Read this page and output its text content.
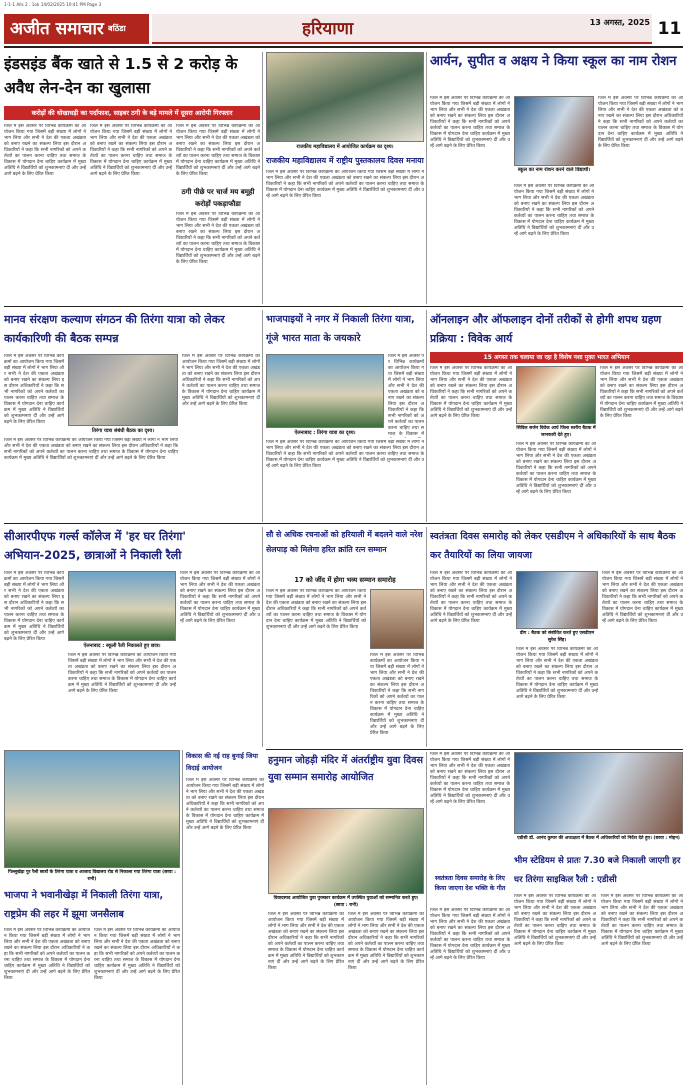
1-1-1 Alls 2 . 1ok 14/02/2025 10:41 PM Page 3
अजीत समाचार बठिंडा	हरियाणा	13 अगस्त, 2025 11
इंडसइंड बैंक खाते से 1.5 से 2 करोड़ के अवैध लेन-देन का खुलासा
करोड़ों की धोखाधड़ी का पर्दाफाश, साइबर ठगी के बड़े मामले में दूसरा आरोपी गिरफ्तार
जिले में इस अवसर पर विभिन्न कार्यक्रमों का आयोजन किया गया जिसमें बड़ी संख्या में लोगों ने भाग लिया और सभी ने देश की एकता अखंडता को बनाए रखने का संकल्प लिया इस दौरान अधिकारियों ने कहा कि सभी नागरिकों को अपने कर्तव्यों का पालन करना चाहिए तथा समाज के विकास में योगदान देना चाहिए कार्यक्रम में मुख्य अतिथि ने विद्यार्थियों को शुभकामनाएं दीं और उन्हें आगे बढ़ने के लिए प्रेरित किया
जिले में इस अवसर पर विभिन्न कार्यक्रमों का आयोजन किया गया जिसमें बड़ी संख्या में लोगों ने भाग लिया और सभी ने देश की एकता अखंडता को बनाए रखने का संकल्प लिया इस दौरान अधिकारियों ने कहा कि सभी नागरिकों को अपने कर्तव्यों का पालन करना चाहिए तथा समाज के विकास में योगदान देना चाहिए कार्यक्रम में मुख्य अतिथि ने विद्यार्थियों को शुभकामनाएं दीं और उन्हें आगे बढ़ने के लिए प्रेरित किया
जिले में इस अवसर पर विभिन्न कार्यक्रमों का आयोजन किया गया जिसमें बड़ी संख्या में लोगों ने भाग लिया और सभी ने देश की एकता अखंडता को बनाए रखने का संकल्प लिया इस दौरान अधिकारियों ने कहा कि सभी नागरिकों को अपने कर्तव्यों का पालन करना चाहिए तथा समाज के विकास में योगदान देना चाहिए कार्यक्रम में मुख्य अतिथि ने विद्यार्थियों को शुभकामनाएं दीं और उन्हें आगे बढ़ने के लिए प्रेरित किया
ठगी पीछे पर चार्ज मय बमूही करोड़ों पकड़ाफौडा
जिले में इस अवसर पर विभिन्न कार्यक्रमों का आयोजन किया गया जिसमें बड़ी संख्या में लोगों ने भाग लिया और सभी ने देश की एकता अखंडता को बनाए रखने का संकल्प लिया इस दौरान अधिकारियों ने कहा कि सभी नागरिकों को अपने कर्तव्यों का पालन करना चाहिए तथा समाज के विकास में योगदान देना चाहिए कार्यक्रम में मुख्य अतिथि ने विद्यार्थियों को शुभकामनाएं दीं और उन्हें आगे बढ़ने के लिए प्रेरित किया
राजकीय महाविद्यालय में आयोजित कार्यक्रम का दृश्य।
राजकीय महाविद्यालय में राष्ट्रीय पुस्तकालय दिवस मनाया
जिले में इस अवसर पर विभिन्न कार्यक्रमों का आयोजन किया गया जिसमें बड़ी संख्या में लोगों ने भाग लिया और सभी ने देश की एकता अखंडता को बनाए रखने का संकल्प लिया इस दौरान अधिकारियों ने कहा कि सभी नागरिकों को अपने कर्तव्यों का पालन करना चाहिए तथा समाज के विकास में योगदान देना चाहिए कार्यक्रम में मुख्य अतिथि ने विद्यार्थियों को शुभकामनाएं दीं और उन्हें आगे बढ़ने के लिए प्रेरित किया
आर्यन, सुपीत व अक्षय ने किया स्कूल का नाम रोशन
जिले में इस अवसर पर विभिन्न कार्यक्रमों का आयोजन किया गया जिसमें बड़ी संख्या में लोगों ने भाग लिया और सभी ने देश की एकता अखंडता को बनाए रखने का संकल्प लिया इस दौरान अधिकारियों ने कहा कि सभी नागरिकों को अपने कर्तव्यों का पालन करना चाहिए तथा समाज के विकास में योगदान देना चाहिए कार्यक्रम में मुख्य अतिथि ने विद्यार्थियों को शुभकामनाएं दीं और उन्हें आगे बढ़ने के लिए प्रेरित किया
स्कूल का नाम रोशन करने वाले विद्यार्थी।
जिले में इस अवसर पर विभिन्न कार्यक्रमों का आयोजन किया गया जिसमें बड़ी संख्या में लोगों ने भाग लिया और सभी ने देश की एकता अखंडता को बनाए रखने का संकल्प लिया इस दौरान अधिकारियों ने कहा कि सभी नागरिकों को अपने कर्तव्यों का पालन करना चाहिए तथा समाज के विकास में योगदान देना चाहिए कार्यक्रम में मुख्य अतिथि ने विद्यार्थियों को शुभकामनाएं दीं और उन्हें आगे बढ़ने के लिए प्रेरित किया
जिले में इस अवसर पर विभिन्न कार्यक्रमों का आयोजन किया गया जिसमें बड़ी संख्या में लोगों ने भाग लिया और सभी ने देश की एकता अखंडता को बनाए रखने का संकल्प लिया इस दौरान अधिकारियों ने कहा कि सभी नागरिकों को अपने कर्तव्यों का पालन करना चाहिए तथा समाज के विकास में योगदान देना चाहिए कार्यक्रम में मुख्य अतिथि ने विद्यार्थियों को शुभकामनाएं दीं और उन्हें आगे बढ़ने के लिए प्रेरित किया
मानव संरक्षण कल्याण संगठन की तिरंगा यात्रा को लेकर कार्यकारिणी की बैठक सम्पन्न
जिले में इस अवसर पर विभिन्न कार्यक्रमों का आयोजन किया गया जिसमें बड़ी संख्या में लोगों ने भाग लिया और सभी ने देश की एकता अखंडता को बनाए रखने का संकल्प लिया इस दौरान अधिकारियों ने कहा कि सभी नागरिकों को अपने कर्तव्यों का पालन करना चाहिए तथा समाज के विकास में योगदान देना चाहिए कार्यक्रम में मुख्य अतिथि ने विद्यार्थियों को शुभकामनाएं दीं और उन्हें आगे बढ़ने के लिए प्रेरित किया
तिरंगा यात्रा संबंधी बैठक का दृश्य।
जिले में इस अवसर पर विभिन्न कार्यक्रमों का आयोजन किया गया जिसमें बड़ी संख्या में लोगों ने भाग लिया और सभी ने देश की एकता अखंडता को बनाए रखने का संकल्प लिया इस दौरान अधिकारियों ने कहा कि सभी नागरिकों को अपने कर्तव्यों का पालन करना चाहिए तथा समाज के विकास में योगदान देना चाहिए कार्यक्रम में मुख्य अतिथि ने विद्यार्थियों को शुभकामनाएं दीं और उन्हें आगे बढ़ने के लिए प्रेरित किया
जिले में इस अवसर पर विभिन्न कार्यक्रमों का आयोजन किया गया जिसमें बड़ी संख्या में लोगों ने भाग लिया और सभी ने देश की एकता अखंडता को बनाए रखने का संकल्प लिया इस दौरान अधिकारियों ने कहा कि सभी नागरिकों को अपने कर्तव्यों का पालन करना चाहिए तथा समाज के विकास में योगदान देना चाहिए कार्यक्रम में मुख्य अतिथि ने विद्यार्थियों को शुभकामनाएं दीं और उन्हें आगे बढ़ने के लिए प्रेरित किया
भाजपाइयों ने नगर में निकाली तिरंगा यात्रा, गूंजे भारत माता के जयकारे
ऐलनाबाद : तिरंगा यात्रा का दृश्य।
जिले में इस अवसर पर विभिन्न कार्यक्रमों का आयोजन किया गया जिसमें बड़ी संख्या में लोगों ने भाग लिया और सभी ने देश की एकता अखंडता को बनाए रखने का संकल्प लिया इस दौरान अधिकारियों ने कहा कि सभी नागरिकों को अपने कर्तव्यों का पालन करना चाहिए तथा समाज के विकास में
जिले में इस अवसर पर विभिन्न कार्यक्रमों का आयोजन किया गया जिसमें बड़ी संख्या में लोगों ने भाग लिया और सभी ने देश की एकता अखंडता को बनाए रखने का संकल्प लिया इस दौरान अधिकारियों ने कहा कि सभी नागरिकों को अपने कर्तव्यों का पालन करना चाहिए तथा समाज के विकास में योगदान देना चाहिए कार्यक्रम में मुख्य अतिथि ने विद्यार्थियों को शुभकामनाएं दीं और उन्हें आगे बढ़ने के लिए प्रेरित किया
ऑनलाइन और ऑफलाइन दोनों तरीकों से होगी शपथ ग्रहण प्रक्रिया : विवेक आर्य
15 अगस्त तक चलाया जा रहा है विशेष नशा मुक्त भारत अभियान
जिले में इस अवसर पर विभिन्न कार्यक्रमों का आयोजन किया गया जिसमें बड़ी संख्या में लोगों ने भाग लिया और सभी ने देश की एकता अखंडता को बनाए रखने का संकल्प लिया इस दौरान अधिकारियों ने कहा कि सभी नागरिकों को अपने कर्तव्यों का पालन करना चाहिए तथा समाज के विकास में योगदान देना चाहिए कार्यक्रम में मुख्य अतिथि ने विद्यार्थियों को शुभकामनाएं दीं और उन्हें आगे बढ़ने के लिए प्रेरित किया
सिविल सर्जन विवेक आर्य जिला स्तरीय बैठक में जानकारी देते हुए।
जिले में इस अवसर पर विभिन्न कार्यक्रमों का आयोजन किया गया जिसमें बड़ी संख्या में लोगों ने भाग लिया और सभी ने देश की एकता अखंडता को बनाए रखने का संकल्प लिया इस दौरान अधिकारियों ने कहा कि सभी नागरिकों को अपने कर्तव्यों का पालन करना चाहिए तथा समाज के विकास में योगदान देना चाहिए कार्यक्रम में मुख्य अतिथि ने विद्यार्थियों को शुभकामनाएं दीं और उन्हें आगे बढ़ने के लिए प्रेरित किया
जिले में इस अवसर पर विभिन्न कार्यक्रमों का आयोजन किया गया जिसमें बड़ी संख्या में लोगों ने भाग लिया और सभी ने देश की एकता अखंडता को बनाए रखने का संकल्प लिया इस दौरान अधिकारियों ने कहा कि सभी नागरिकों को अपने कर्तव्यों का पालन करना चाहिए तथा समाज के विकास में योगदान देना चाहिए कार्यक्रम में मुख्य अतिथि ने विद्यार्थियों को शुभकामनाएं दीं और उन्हें आगे बढ़ने के लिए प्रेरित किया
सीआरपीएफ गर्ल्स कॉलेज में 'हर घर तिरंगा' अभियान-2025, छात्राओं ने निकाली रैली
जिले में इस अवसर पर विभिन्न कार्यक्रमों का आयोजन किया गया जिसमें बड़ी संख्या में लोगों ने भाग लिया और सभी ने देश की एकता अखंडता को बनाए रखने का संकल्प लिया इस दौरान अधिकारियों ने कहा कि सभी नागरिकों को अपने कर्तव्यों का पालन करना चाहिए तथा समाज के विकास में योगदान देना चाहिए कार्यक्रम में मुख्य अतिथि ने विद्यार्थियों को शुभकामनाएं दीं और उन्हें आगे बढ़ने के लिए प्रेरित किया
ऐलनाबाद : स्कूली रैली निकालते हुए छात्र।
जिले में इस अवसर पर विभिन्न कार्यक्रमों का आयोजन किया गया जिसमें बड़ी संख्या में लोगों ने भाग लिया और सभी ने देश की एकता अखंडता को बनाए रखने का संकल्प लिया इस दौरान अधिकारियों ने कहा कि सभी नागरिकों को अपने कर्तव्यों का पालन करना चाहिए तथा समाज के विकास में योगदान देना चाहिए कार्यक्रम में मुख्य अतिथि ने विद्यार्थियों को शुभकामनाएं दीं और उन्हें आगे बढ़ने के लिए प्रेरित किया
जिले में इस अवसर पर विभिन्न कार्यक्रमों का आयोजन किया गया जिसमें बड़ी संख्या में लोगों ने भाग लिया और सभी ने देश की एकता अखंडता को बनाए रखने का संकल्प लिया इस दौरान अधिकारियों ने कहा कि सभी नागरिकों को अपने कर्तव्यों का पालन करना चाहिए तथा समाज के विकास में योगदान देना चाहिए कार्यक्रम में मुख्य अतिथि ने विद्यार्थियों को शुभकामनाएं दीं और उन्हें आगे बढ़ने के लिए प्रेरित किया
सौ से अधिक रचनाओं को हरियाली में बदलने वाले नरेश सेलपाड़ को मिलेगा हरित क्रांति रत्न सम्मान
17 को जींद में होगा भव्य सम्मान समारोह
जिले में इस अवसर पर विभिन्न कार्यक्रमों का आयोजन किया गया जिसमें बड़ी संख्या में लोगों ने भाग लिया और सभी ने देश की एकता अखंडता को बनाए रखने का संकल्प लिया इस दौरान अधिकारियों ने कहा कि सभी नागरिकों को अपने कर्तव्यों का पालन करना चाहिए तथा समाज के विकास में योगदान देना चाहिए कार्यक्रम में मुख्य अतिथि ने विद्यार्थियों को शुभकामनाएं दीं और उन्हें आगे बढ़ने के लिए प्रेरित किया
जिले में इस अवसर पर विभिन्न कार्यक्रमों का आयोजन किया गया जिसमें बड़ी संख्या में लोगों ने भाग लिया और सभी ने देश की एकता अखंडता को बनाए रखने का संकल्प लिया इस दौरान अधिकारियों ने कहा कि सभी नागरिकों को अपने कर्तव्यों का पालन करना चाहिए तथा समाज के विकास में योगदान देना चाहिए कार्यक्रम में मुख्य अतिथि ने विद्यार्थियों को शुभकामनाएं दीं और उन्हें आगे बढ़ने के लिए प्रेरित किया
स्वतंत्रता दिवस समारोह को लेकर एसडीएम ने अधिकारियों के साथ बैठक कर तैयारियों का लिया जायजा
जिले में इस अवसर पर विभिन्न कार्यक्रमों का आयोजन किया गया जिसमें बड़ी संख्या में लोगों ने भाग लिया और सभी ने देश की एकता अखंडता को बनाए रखने का संकल्प लिया इस दौरान अधिकारियों ने कहा कि सभी नागरिकों को अपने कर्तव्यों का पालन करना चाहिए तथा समाज के विकास में योगदान देना चाहिए कार्यक्रम में मुख्य अतिथि ने विद्यार्थियों को शुभकामनाएं दीं और उन्हें आगे बढ़ने के लिए प्रेरित किया
डीग : बैठक को संबोधित करते हुए एसडीएम सुरेश सिंह।
जिले में इस अवसर पर विभिन्न कार्यक्रमों का आयोजन किया गया जिसमें बड़ी संख्या में लोगों ने भाग लिया और सभी ने देश की एकता अखंडता को बनाए रखने का संकल्प लिया इस दौरान अधिकारियों ने कहा कि सभी नागरिकों को अपने कर्तव्यों का पालन करना चाहिए तथा समाज के विकास में योगदान देना चाहिए कार्यक्रम में मुख्य अतिथि ने विद्यार्थियों को शुभकामनाएं दीं और उन्हें आगे बढ़ने के लिए प्रेरित किया
जिले में इस अवसर पर विभिन्न कार्यक्रमों का आयोजन किया गया जिसमें बड़ी संख्या में लोगों ने भाग लिया और सभी ने देश की एकता अखंडता को बनाए रखने का संकल्प लिया इस दौरान अधिकारियों ने कहा कि सभी नागरिकों को अपने कर्तव्यों का पालन करना चाहिए तथा समाज के विकास में योगदान देना चाहिए कार्यक्रम में मुख्य अतिथि ने विद्यार्थियों को शुभकामनाएं दीं और उन्हें आगे बढ़ने के लिए प्रेरित किया
पिल्लूखेड़ा पुर रैली छात्रों के तिरंगा यात्रा व आजाद विद्यालय रोड से निकाला गया तिरंगा यात्रा (छाया : रानी)
भाजपा ने भवानीखेड़ा में निकाली तिरंगा यात्रा, राष्ट्रप्रेम की लहर में झूमा जनसैलाब
जिले में इस अवसर पर विभिन्न कार्यक्रमों का आयोजन किया गया जिसमें बड़ी संख्या में लोगों ने भाग लिया और सभी ने देश की एकता अखंडता को बनाए रखने का संकल्प लिया इस दौरान अधिकारियों ने कहा कि सभी नागरिकों को अपने कर्तव्यों का पालन करना चाहिए तथा समाज के विकास में योगदान देना चाहिए कार्यक्रम में मुख्य अतिथि ने विद्यार्थियों को शुभकामनाएं दीं और उन्हें आगे बढ़ने के लिए प्रेरित किया
जिले में इस अवसर पर विभिन्न कार्यक्रमों का आयोजन किया गया जिसमें बड़ी संख्या में लोगों ने भाग लिया और सभी ने देश की एकता अखंडता को बनाए रखने का संकल्प लिया इस दौरान अधिकारियों ने कहा कि सभी नागरिकों को अपने कर्तव्यों का पालन करना चाहिए तथा समाज के विकास में योगदान देना चाहिए कार्यक्रम में मुख्य अतिथि ने विद्यार्थियों को शुभकामनाएं दीं और उन्हें आगे बढ़ने के लिए प्रेरित किया
विकास की नई राह बुनाई जिया विदाई आयोजन
जिले में इस अवसर पर विभिन्न कार्यक्रमों का आयोजन किया गया जिसमें बड़ी संख्या में लोगों ने भाग लिया और सभी ने देश की एकता अखंडता को बनाए रखने का संकल्प लिया इस दौरान अधिकारियों ने कहा कि सभी नागरिकों को अपने कर्तव्यों का पालन करना चाहिए तथा समाज के विकास में योगदान देना चाहिए कार्यक्रम में मुख्य अतिथि ने विद्यार्थियों को शुभकामनाएं दीं और उन्हें आगे बढ़ने के लिए प्रेरित किया
हनुमान जोहड़ी मंदिर में अंतर्राष्ट्रीय युवा दिवस युवा सम्मान समारोह आयोजित
विवादस्पद आयोजित युवा पुरस्कार कार्यक्रम में उपस्थित युवाओं को सम्मानित करते हुए। (छाया : रानी)
जिले में इस अवसर पर विभिन्न कार्यक्रमों का आयोजन किया गया जिसमें बड़ी संख्या में लोगों ने भाग लिया और सभी ने देश की एकता अखंडता को बनाए रखने का संकल्प लिया इस दौरान अधिकारियों ने कहा कि सभी नागरिकों को अपने कर्तव्यों का पालन करना चाहिए तथा समाज के विकास में योगदान देना चाहिए कार्यक्रम में मुख्य अतिथि ने विद्यार्थियों को शुभकामनाएं दीं और उन्हें आगे बढ़ने के लिए प्रेरित किया
जिले में इस अवसर पर विभिन्न कार्यक्रमों का आयोजन किया गया जिसमें बड़ी संख्या में लोगों ने भाग लिया और सभी ने देश की एकता अखंडता को बनाए रखने का संकल्प लिया इस दौरान अधिकारियों ने कहा कि सभी नागरिकों को अपने कर्तव्यों का पालन करना चाहिए तथा समाज के विकास में योगदान देना चाहिए कार्यक्रम में मुख्य अतिथि ने विद्यार्थियों को शुभकामनाएं दीं और उन्हें आगे बढ़ने के लिए प्रेरित किया
जिले में इस अवसर पर विभिन्न कार्यक्रमों का आयोजन किया गया जिसमें बड़ी संख्या में लोगों ने भाग लिया और सभी ने देश की एकता अखंडता को बनाए रखने का संकल्प लिया इस दौरान अधिकारियों ने कहा कि सभी नागरिकों को अपने कर्तव्यों का पालन करना चाहिए तथा समाज के विकास में योगदान देना चाहिए कार्यक्रम में मुख्य अतिथि ने विद्यार्थियों को शुभकामनाएं दीं और उन्हें आगे बढ़ने के लिए प्रेरित किया
स्वतंत्रता दिवस समारोह के लिए किया जाएगा देश भक्ति के गीत
जिले में इस अवसर पर विभिन्न कार्यक्रमों का आयोजन किया गया जिसमें बड़ी संख्या में लोगों ने भाग लिया और सभी ने देश की एकता अखंडता को बनाए रखने का संकल्प लिया इस दौरान अधिकारियों ने कहा कि सभी नागरिकों को अपने कर्तव्यों का पालन करना चाहिए तथा समाज के विकास में योगदान देना चाहिए कार्यक्रम में मुख्य अतिथि ने विद्यार्थियों को शुभकामनाएं दीं और उन्हें आगे बढ़ने के लिए प्रेरित किया
एडीसी डॉ. आनंद कुमार की अध्यक्षता में बैठक में अधिकारियों को निर्देश देते हुए। (छाया : मोहन)
भीम स्टेडियम से प्रातः 7.30 बजे निकाली जाएगी हर घर तिरंगा साइकिल रैली : एडीसी
जिले में इस अवसर पर विभिन्न कार्यक्रमों का आयोजन किया गया जिसमें बड़ी संख्या में लोगों ने भाग लिया और सभी ने देश की एकता अखंडता को बनाए रखने का संकल्प लिया इस दौरान अधिकारियों ने कहा कि सभी नागरिकों को अपने कर्तव्यों का पालन करना चाहिए तथा समाज के विकास में योगदान देना चाहिए कार्यक्रम में मुख्य अतिथि ने विद्यार्थियों को शुभकामनाएं दीं और उन्हें आगे बढ़ने के लिए प्रेरित किया
जिले में इस अवसर पर विभिन्न कार्यक्रमों का आयोजन किया गया जिसमें बड़ी संख्या में लोगों ने भाग लिया और सभी ने देश की एकता अखंडता को बनाए रखने का संकल्प लिया इस दौरान अधिकारियों ने कहा कि सभी नागरिकों को अपने कर्तव्यों का पालन करना चाहिए तथा समाज के विकास में योगदान देना चाहिए कार्यक्रम में मुख्य अतिथि ने विद्यार्थियों को शुभकामनाएं दीं और उन्हें आगे बढ़ने के लिए प्रेरित किया
